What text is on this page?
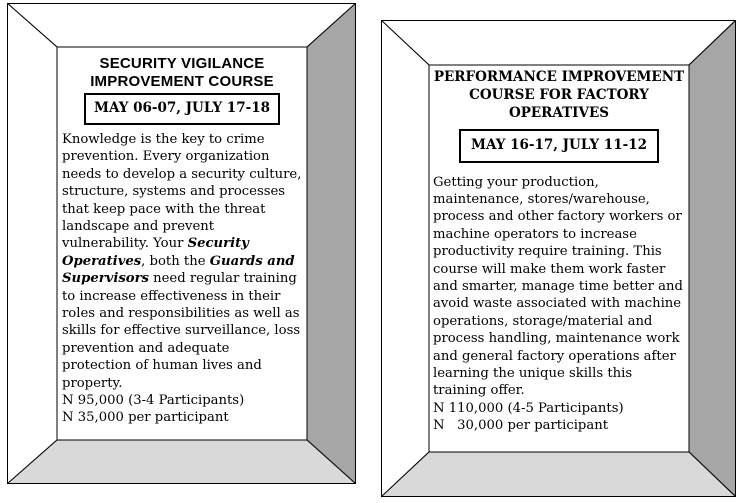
SECURITY VIGILANCE
IMPROVEMENT COURSE

MAY 06-07, JULY 17-18

Knowledge is the key to crime prevention. Every organization needs to develop a security culture, structure, systems and processes that keep pace with the threat landscape and prevent vulnerability. Your Security Operatives, both the Guards and Supervisors need regular training to increase effectiveness in their roles and responsibilities as well as skills for effective surveillance, loss prevention and adequate protection of human lives and property.

N 95,000 (3-4 Participants)

N 35,000 per participant

PERFORMANCE IMPROVEMENT
COURSE FOR FACTORY
OPERATIVES

MAY 16-17, JULY 11-12

Getting your production, maintenance, stores/warehouse, process and other factory workers or machine operators to increase productivity require training. This course will make them work faster and smarter, manage time better and avoid waste associated with machine operations, storage/material and process handling, maintenance work and general factory operations after learning the unique skills this training offer.

N 110,000 (4-5 Participants)

N   30,000 per participant
